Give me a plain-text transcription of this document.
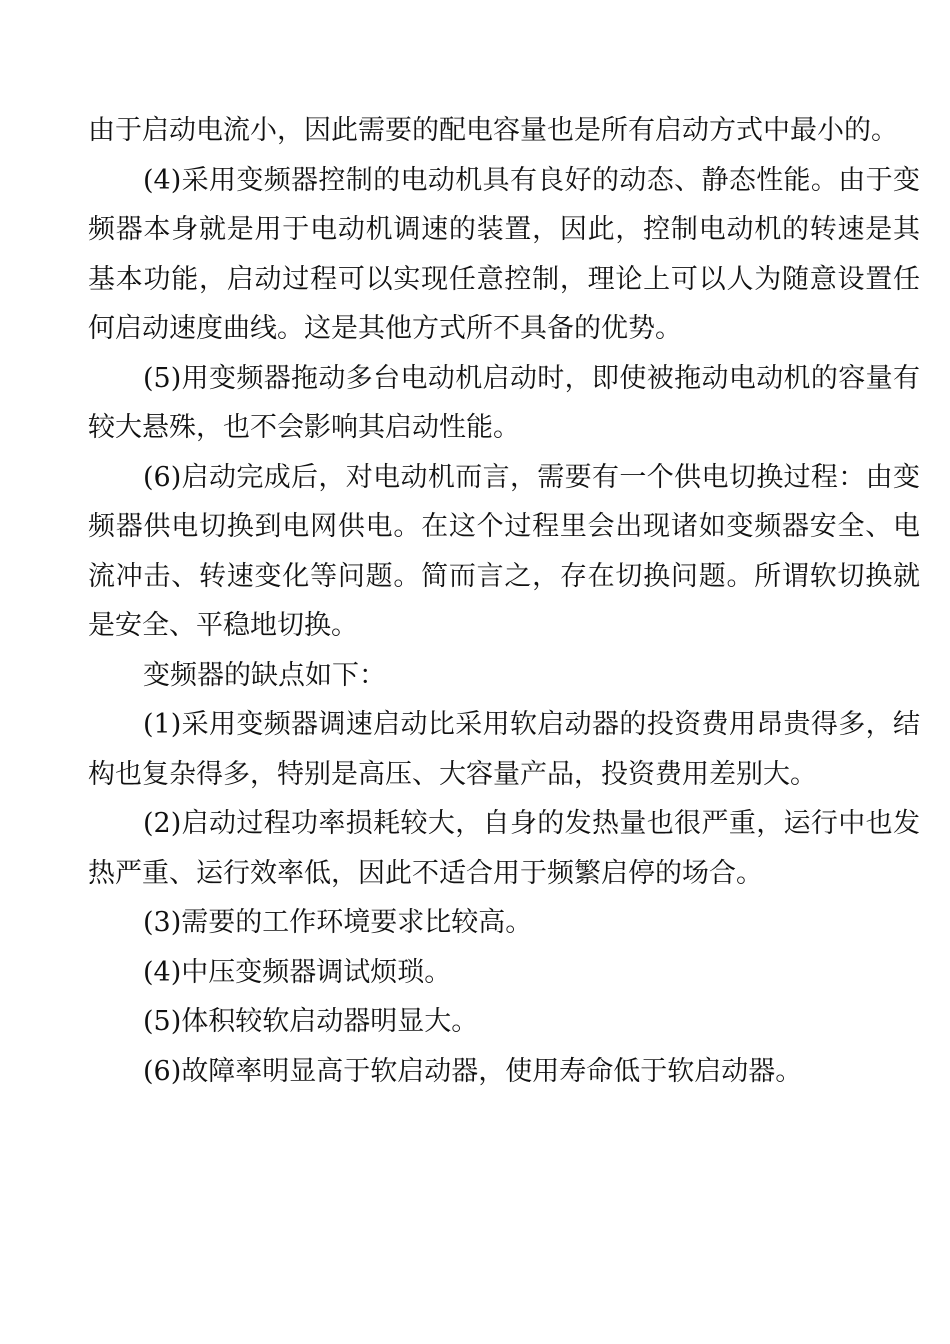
由于启动电流小，因此需要的配电容量也是所有启动方式中最小的。

(4)采用变频器控制的电动机具有良好的动态、静态性能。由于变频器本身就是用于电动机调速的装置，因此，控制电动机的转速是其基本功能，启动过程可以实现任意控制，理论上可以人为随意设置任何启动速度曲线。这是其他方式所不具备的优势。

(5)用变频器拖动多台电动机启动时，即使被拖动电动机的容量有较大悬殊，也不会影响其启动性能。

(6)启动完成后，对电动机而言，需要有一个供电切换过程：由变频器供电切换到电网供电。在这个过程里会出现诸如变频器安全、电流冲击、转速变化等问题。简而言之，存在切换问题。所谓软切换就是安全、平稳地切换。

变频器的缺点如下：

(1)采用变频器调速启动比采用软启动器的投资费用昂贵得多，结构也复杂得多，特别是高压、大容量产品，投资费用差别大。

(2)启动过程功率损耗较大，自身的发热量也很严重，运行中也发热严重、运行效率低，因此不适合用于频繁启停的场合。

(3)需要的工作环境要求比较高。

(4)中压变频器调试烦琐。

(5)体积较软启动器明显大。

(6)故障率明显高于软启动器，使用寿命低于软启动器。
